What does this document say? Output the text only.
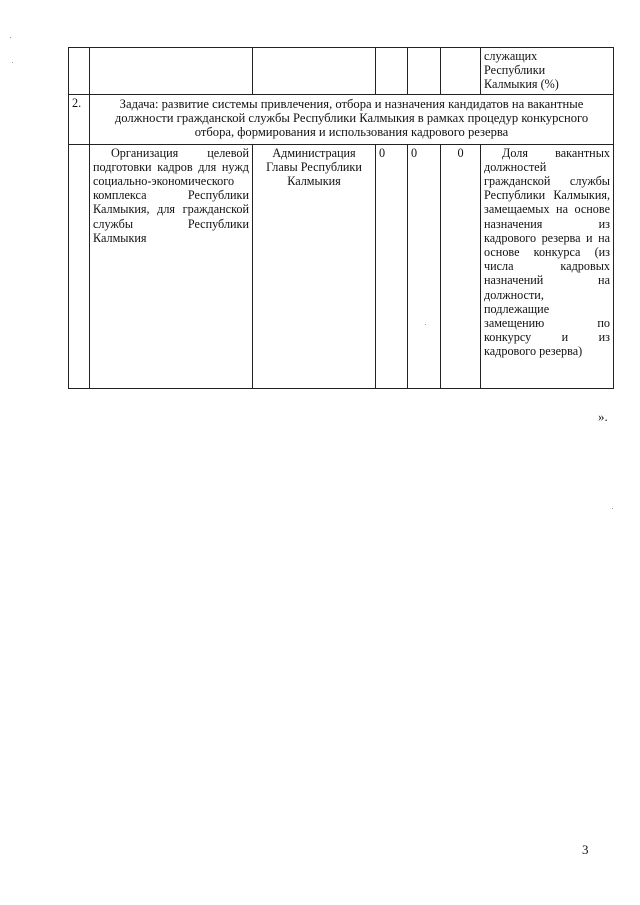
						служащих
Республики
Калмыкия (%)

2.	Задача: развитие системы привлечения, отбора и назначения кандидатов на вакантные должности гражданской службы Республики Калмыкия в рамках процедур конкурсного отбора, формирования и использования кадрового резерва					
	Организация целевой подготовки кадров для нужд социально-экономического комплекса Республики Калмыкия, для гражданской службы Республики Калмыкия	Администрация Главы Республики Калмыкия	0	0	0	Доля вакантных должностей гражданской службы Республики Калмыкия, замещаемых на основе назначения из кадрового резерва и на основе конкурса (из числа кадровых назначений на должности, подлежащие замещению по конкурсу и из кадрового резерва)
».
3
